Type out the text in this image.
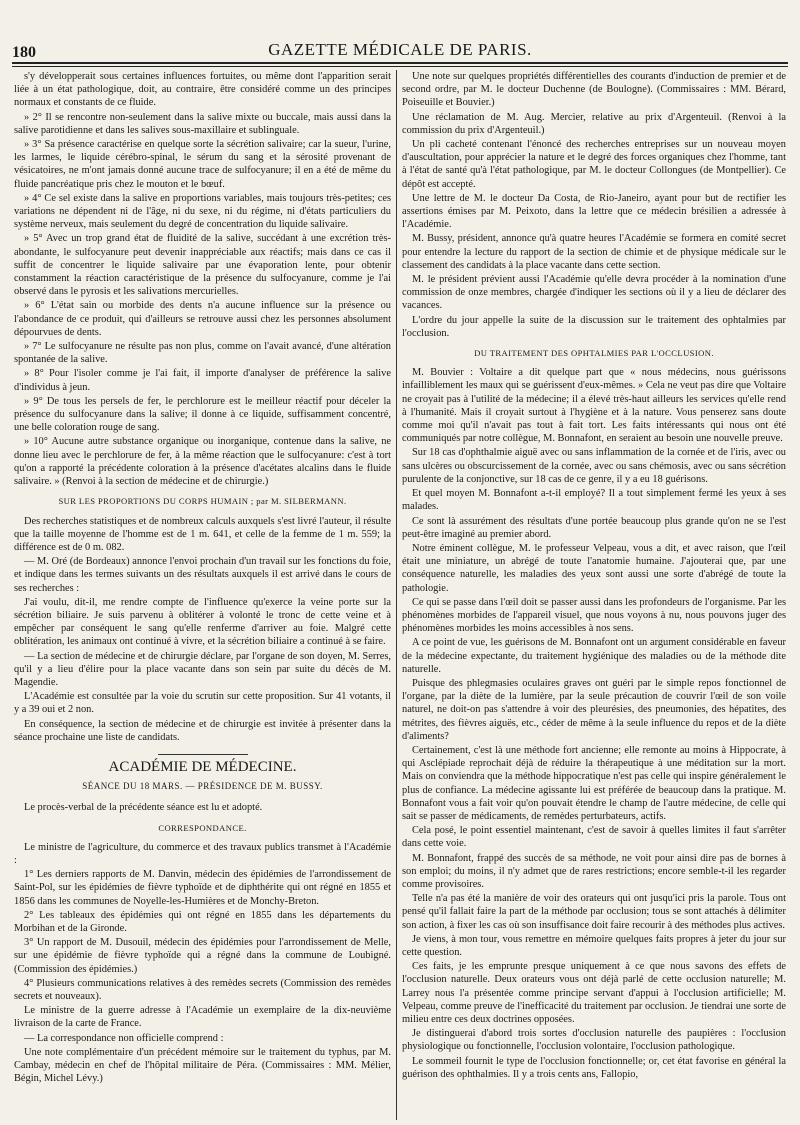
180	GAZETTE MÉDICALE DE PARIS.

s'y développerait sous certaines influences fortuites, ou même dont l'apparition serait liée à un état pathologique, doit, au contraire, être considéré comme un des principes normaux et constants de ce fluide.

» 2° Il se rencontre non-seulement dans la salive mixte ou buccale, mais aussi dans la salive parotidienne et dans les salives sous-maxillaire et sublinguale.

» 3° Sa présence caractérise en quelque sorte la sécrétion salivaire; car la sueur, l'urine, les larmes, le liquide cérébro-spinal, le sérum du sang et la sérosité provenant de vésicatoires, ne m'ont jamais donné aucune trace de sulfocyanure; il en a été de même du fluide pancréatique pris chez le mouton et le bœuf.

» 4° Ce sel existe dans la salive en proportions variables, mais toujours très-petites; ces variations ne dépendent ni de l'âge, ni du sexe, ni du régime, ni d'états particuliers du système nerveux, mais seulement du degré de concentration du liquide salivaire.

» 5° Avec un trop grand état de fluidité de la salive, succédant à une excrétion très-abondante, le sulfocyanure peut devenir inappréciable aux réactifs; mais dans ce cas il suffit de concentrer le liquide salivaire par une évaporation lente, pour obtenir constamment la réaction caractéristique de la présence du sulfocyanure, comme je l'ai observé dans le pyrosis et les salivations mercurielles.

» 6° L'état sain ou morbide des dents n'a aucune influence sur la présence ou l'abondance de ce produit, qui d'ailleurs se retrouve aussi chez les personnes absolument dépourvues de dents.

» 7° Le sulfocyanure ne résulte pas non plus, comme on l'avait avancé, d'une altération spontanée de la salive.

» 8° Pour l'isoler comme je l'ai fait, il importe d'analyser de préférence la salive d'individus à jeun.

» 9° De tous les persels de fer, le perchlorure est le meilleur réactif pour déceler la présence du sulfocyanure dans la salive; il donne à ce liquide, suffisamment concentré, une belle coloration rouge de sang.

» 10° Aucune autre substance organique ou inorganique, contenue dans la salive, ne donne lieu avec le perchlorure de fer, à la même réaction que le sulfocyanure: c'est à tort qu'on a rapporté la précédente coloration à la présence d'acétates alcalins dans le fluide salivaire. » (Renvoi à la section de médecine et de chirurgie.)

SUR LES PROPORTIONS DU CORPS HUMAIN ; par M. SILBERMANN.

Des recherches statistiques et de nombreux calculs auxquels s'est livré l'auteur, il résulte que la taille moyenne de l'homme est de 1 m. 641, et celle de la femme de 1 m. 559; la différence est de 0 m. 082.

— M. Oré (de Bordeaux) annonce l'envoi prochain d'un travail sur les fonctions du foie, et indique dans les termes suivants un des résultats auxquels il est arrivé dans le cours de ses recherches :

J'ai voulu, dit-il, me rendre compte de l'influence qu'exerce la veine porte sur la sécrétion biliaire. Je suis parvenu à oblitérer à volonté le tronc de cette veine et à empêcher par conséquent le sang qu'elle renferme d'arriver au foie. Malgré cette oblitération, les animaux ont continué à vivre, et la sécrétion biliaire a continué à se faire.

— La section de médecine et de chirurgie déclare, par l'organe de son doyen, M. Serres, qu'il y a lieu d'élire pour la place vacante dans son sein par suite du décès de M. Magendie.

L'Académie est consultée par la voie du scrutin sur cette proposition. Sur 41 votants, il y a 39 oui et 2 non.

En conséquence, la section de médecine et de chirurgie est invitée à présenter dans la séance prochaine une liste de candidats.

ACADÉMIE DE MÉDECINE.
SÉANCE DU 18 MARS. — PRÉSIDENCE DE M. BUSSY.

Le procès-verbal de la précédente séance est lu et adopté.

CORRESPONDANCE.

Le ministre de l'agriculture, du commerce et des travaux publics transmet à l'Académie :

1° Les derniers rapports de M. Danvin, médecin des épidémies de l'arrondissement de Saint-Pol, sur les épidémies de fièvre typhoïde et de diphthérite qui ont régné en 1855 et 1856 dans les communes de Noyelle-les-Humières et de Monchy-Breton.

2° Les tableaux des épidémies qui ont régné en 1855 dans les départements du Morbihan et de la Gironde.

3° Un rapport de M. Dusouil, médecin des épidémies pour l'arrondissement de Melle, sur une épidémie de fièvre typhoïde qui a régné dans la commune de Loubigné. (Commission des épidémies.)

4° Plusieurs communications relatives à des remèdes secrets (Commission des remèdes secrets et nouveaux).

Le ministre de la guerre adresse à l'Académie un exemplaire de la dix-neuvième livraison de la carte de France.

— La correspondance non officielle comprend :

Une note complémentaire d'un précédent mémoire sur le traitement du typhus, par M. Cambay, médecin en chef de l'hôpital militaire de Péra. (Commissaires : MM. Mélier, Bégin, Michel Lévy.)

Une note sur quelques propriétés différentielles des courants d'induction de premier et de second ordre, par M. le docteur Duchenne (de Boulogne). (Commissaires : MM. Bérard, Poiseuille et Bouvier.)

Une réclamation de M. Aug. Mercier, relative au prix d'Argenteuil. (Renvoi à la commission du prix d'Argenteuil.)

Un pli cacheté contenant l'énoncé des recherches entreprises sur un nouveau moyen d'auscultation, pour apprécier la nature et le degré des forces organiques chez l'homme, tant à l'état de santé qu'à l'état pathologique, par M. le docteur Collongues (de Montpellier). Ce dépôt est accepté.

Une lettre de M. le docteur Da Costa, de Rio-Janeiro, ayant pour but de rectifier les assertions émises par M. Peixoto, dans la lettre que ce médecin brésilien a adressée à l'Académie.

M. Bussy, président, annonce qu'à quatre heures l'Académie se formera en comité secret pour entendre la lecture du rapport de la section de chimie et de physique médicale sur le classement des candidats à la place vacante dans cette section.

M. le président prévient aussi l'Académie qu'elle devra procéder à la nomination d'une commission de onze membres, chargée d'indiquer les sections où il y a lieu de déclarer des vacances.

L'ordre du jour appelle la suite de la discussion sur le traitement des ophtalmies par l'occlusion.

DU TRAITEMENT DES OPHTALMIES PAR L'OCCLUSION.

M. Bouvier : Voltaire a dit quelque part que « nous médecins, nous guérissons infailliblement les maux qui se guérissent d'eux-mêmes. » Cela ne veut pas dire que Voltaire ne croyait pas à l'utilité de la médecine; il a élevé très-haut ailleurs les services qu'elle rend à l'humanité. Mais il croyait surtout à l'hygiène et à la nature. Vous penserez sans doute comme moi qu'il n'avait pas tout à fait tort. Les faits intéressants qui nous ont été communiqués par notre collègue, M. Bonnafont, en seraient au besoin une nouvelle preuve.

Sur 18 cas d'ophthalmie aiguë avec ou sans inflammation de la cornée et de l'iris, avec ou sans ulcères ou obscurcissement de la cornée, avec ou sans chémosis, avec ou sans sécrétion purulente de la conjonctive, sur 18 cas de ce genre, il y a eu 18 guérisons.

Et quel moyen M. Bonnafont a-t-il employé? Il a tout simplement fermé les yeux à ses malades.

Ce sont là assurément des résultats d'une portée beaucoup plus grande qu'on ne se l'est peut-être imaginé au premier abord.

Notre éminent collègue, M. le professeur Velpeau, vous a dit, et avec raison, que l'œil était une miniature, un abrégé de toute l'anatomie humaine. J'ajouterai que, par une conséquence naturelle, les maladies des yeux sont aussi une sorte d'abrégé de toute la pathologie.

Ce qui se passe dans l'œil doit se passer aussi dans les profondeurs de l'organisme. Par les phénomènes morbides de l'appareil visuel, que nous voyons à nu, nous pouvons juger des phénomènes morbides les moins accessibles à nos sens.

A ce point de vue, les guérisons de M. Bonnafont ont un argument considérable en faveur de la médecine expectante, du traitement hygiénique des maladies ou de la méthode dite naturelle.

Puisque des phlegmasies oculaires graves ont guéri par le simple repos fonctionnel de l'organe, par la diète de la lumière, par la seule précaution de couvrir l'œil de son voile naturel, ne doit-on pas s'attendre à voir des pleurésies, des pneumonies, des hépatites, des métrites, des fièvres aiguës, etc., céder de même à la seule influence du repos et de la diète d'aliments?

Certainement, c'est là une méthode fort ancienne; elle remonte au moins à Hippocrate, à qui Asclépiade reprochait déjà de réduire la thérapeutique à une méditation sur la mort. Mais on conviendra que la méthode hippocratique n'est pas celle qui inspire généralement le plus de confiance. La médecine agissante lui est préférée de beaucoup dans la pratique. M. Bonnafont vous a fait voir qu'on pouvait étendre le champ de l'autre médecine, de celle qui sait se passer de médicaments, de remèdes perturbateurs, actifs.

Cela posé, le point essentiel maintenant, c'est de savoir à quelles limites il faut s'arrêter dans cette voie.

M. Bonnafont, frappé des succès de sa méthode, ne voit pour ainsi dire pas de bornes à son emploi; du moins, il n'y admet que de rares restrictions; encore semble-t-il les regarder comme provisoires.

Telle n'a pas été la manière de voir des orateurs qui ont jusqu'ici pris la parole. Tous ont pensé qu'il fallait faire la part de la méthode par occlusion; tous se sont attachés à délimiter son action, à fixer les cas où son insuffisance doit faire recourir à des méthodes plus actives.

Je viens, à mon tour, vous remettre en mémoire quelques faits propres à jeter du jour sur cette question.

Ces faits, je les emprunte presque uniquement à ce que nous savons des effets de l'occlusion naturelle. Deux orateurs vous ont déjà parlé de cette occlusion naturelle; M. Larrey nous l'a présentée comme principe servant d'appui à l'occlusion artificielle; M. Velpeau, comme preuve de l'inefficacité du traitement par occlusion. Je tiendrai une sorte de milieu entre ces deux doctrines opposées.

Je distinguerai d'abord trois sortes d'occlusion naturelle des paupières : l'occlusion physiologique ou fonctionnelle, l'occlusion volontaire, l'occlusion pathologique.

Le sommeil fournit le type de l'occlusion fonctionnelle; or, cet état favorise en général la guérison des ophthalmies. Il y a trois cents ans, Fallopio,
